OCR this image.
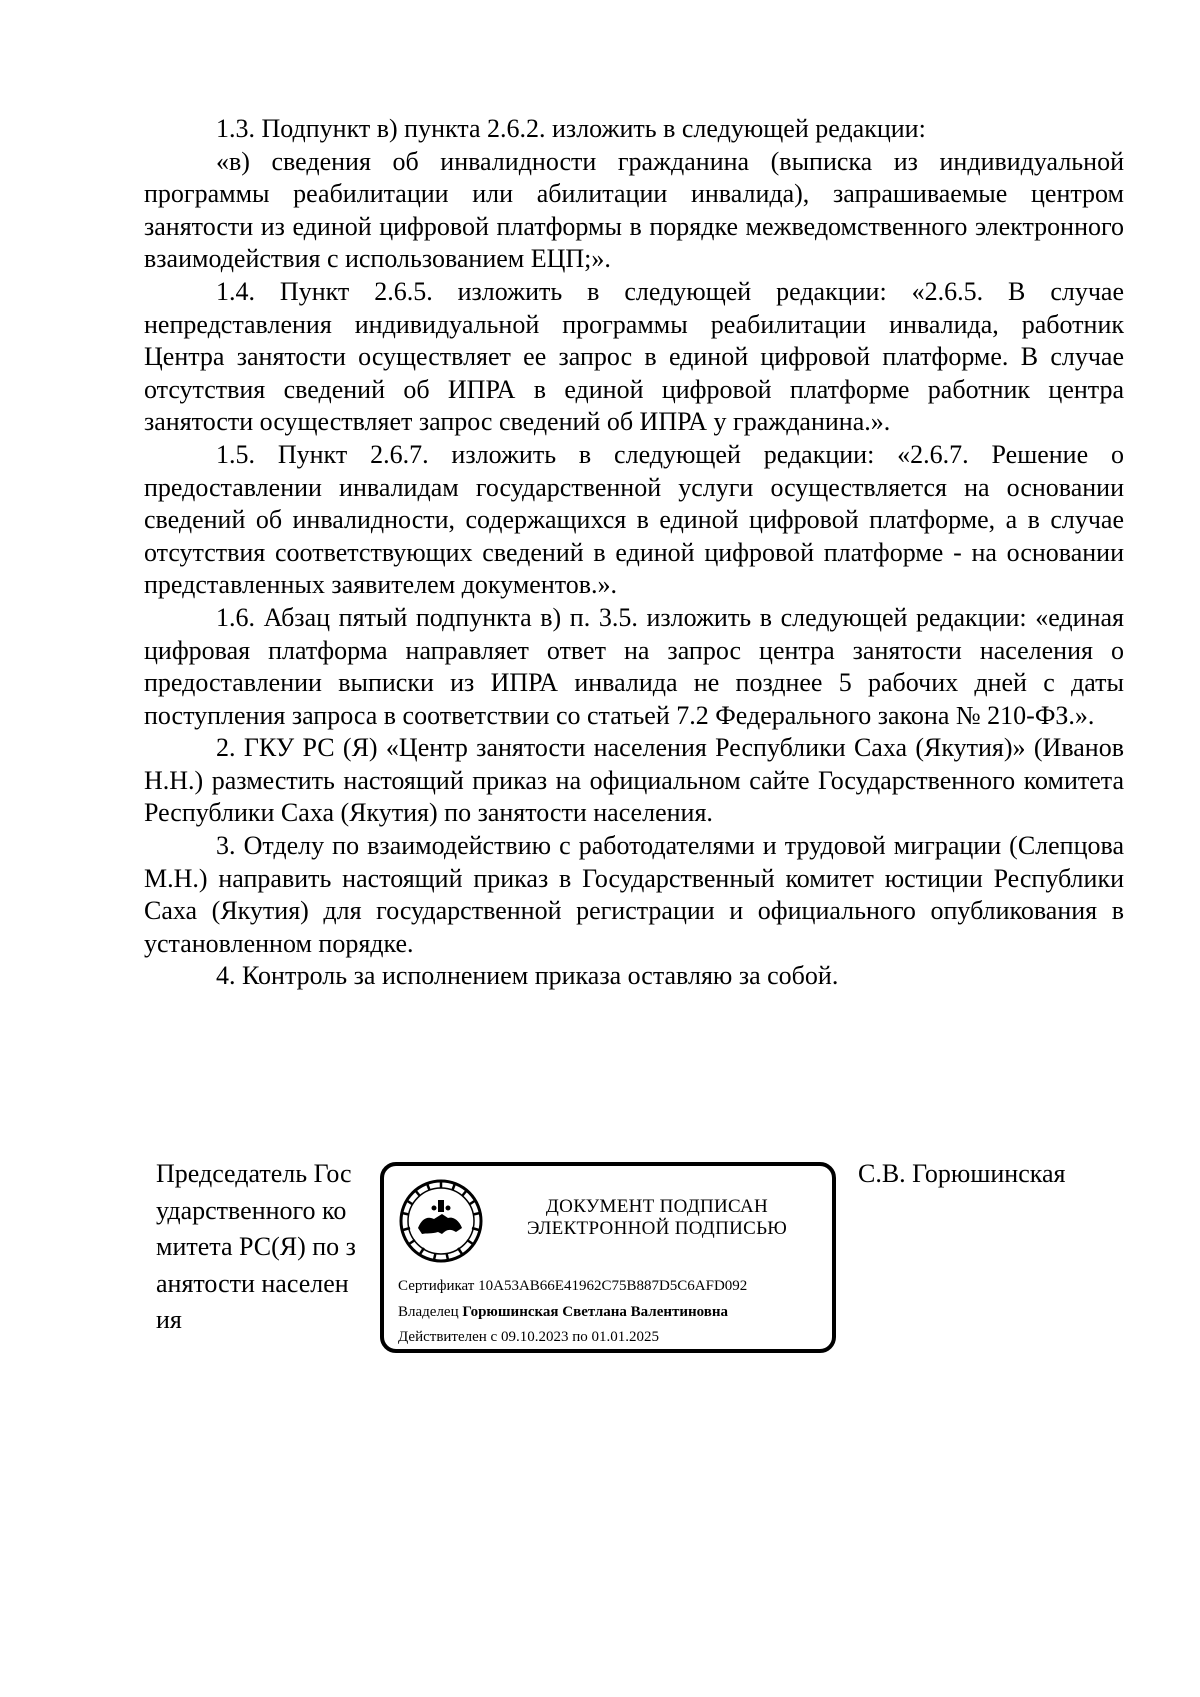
1.3. Подпункт в) пункта 2.6.2. изложить в следующей редакции:

«в) сведения об инвалидности гражданина (выписка из индивидуальной программы реабилитации или абилитации инвалида), запрашиваемые центром занятости из единой цифровой платформы в порядке межведомственного электронного взаимодействия с использованием ЕЦП;».

1.4. Пункт 2.6.5. изложить в следующей редакции: «2.6.5. В случае непредставления индивидуальной программы реабилитации инвалида, работник Центра занятости осуществляет ее запрос в единой цифровой платформе. В случае отсутствия сведений об ИПРА в единой цифровой платформе работник центра занятости осуществляет запрос сведений об ИПРА у гражданина.».

1.5. Пункт 2.6.7. изложить в следующей редакции: «2.6.7. Решение о предоставлении инвалидам государственной услуги осуществляется на основании сведений об инвалидности, содержащихся в единой цифровой платформе, а в случае отсутствия соответствующих сведений в единой цифровой платформе - на основании представленных заявителем документов.».

1.6. Абзац пятый подпункта в) п. 3.5. изложить в следующей редакции: «единая цифровая платформа направляет ответ на запрос центра занятости населения о предоставлении выписки из ИПРА инвалида не позднее 5 рабочих дней с даты поступления запроса в соответствии со статьей 7.2 Федерального закона № 210-ФЗ.».

2. ГКУ РС (Я) «Центр занятости населения Республики Саха (Якутия)» (Иванов Н.Н.) разместить настоящий приказ на официальном сайте Государственного комитета Республики Саха (Якутия) по занятости населения.

3. Отделу по взаимодействию с работодателями и трудовой миграции (Слепцова М.Н.) направить настоящий приказ в Государственный комитет юстиции Республики Саха (Якутия) для государственной регистрации и официального опубликования в установленном порядке.

4. Контроль за исполнением приказа оставляю за собой.

Председатель Государственного комитета РС(Я) по занятости населения
ДОКУМЕНТ ПОДПИСАН
ЭЛЕКТРОННОЙ ПОДПИСЬЮ
Сертификат 10A53AB66E41962C75B887D5C6AFD092
Владелец Горюшинская Светлана Валентиновна
Действителен с 09.10.2023 по 01.01.2025
С.В. Горюшинская
